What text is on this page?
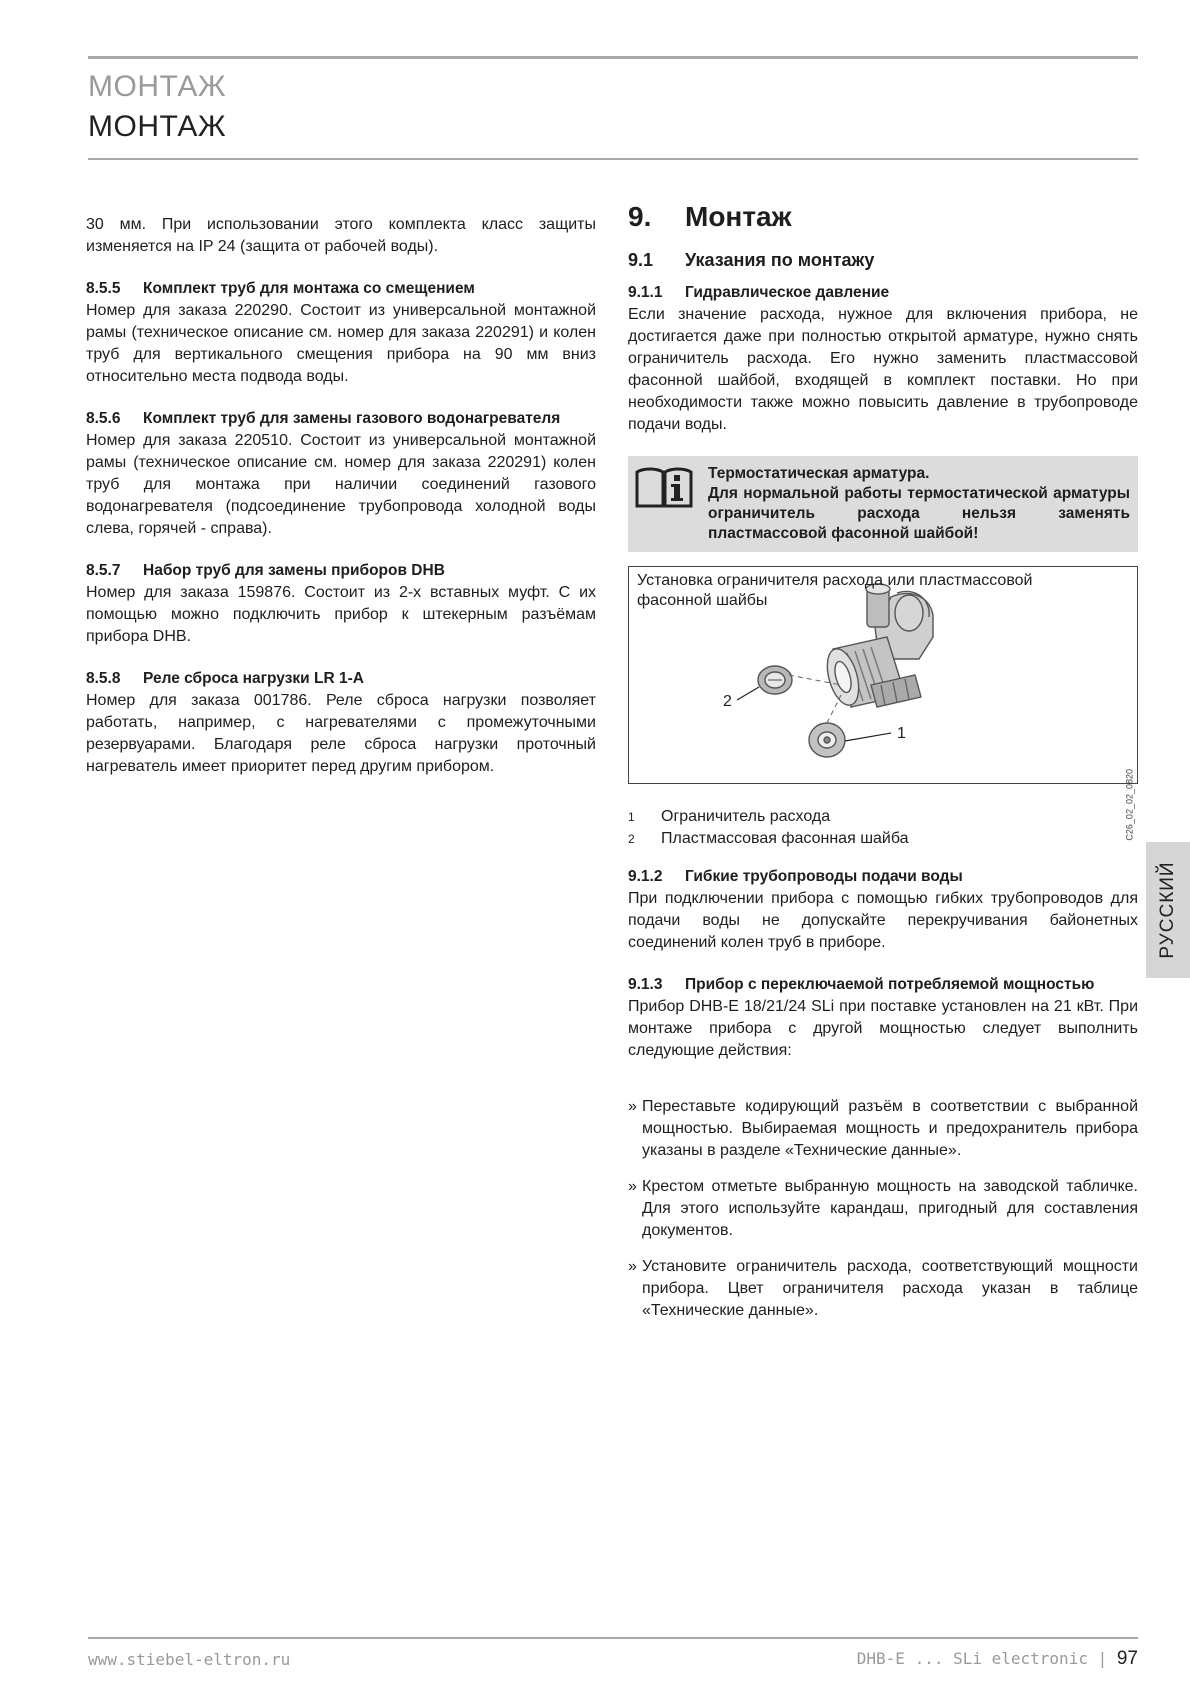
МОНТАЖ
МОНТАЖ

30 мм. При использовании этого комплекта класс защиты изменяется на IP 24 (защита от рабочей воды).

8.5.5 Комплект труб для монтажа со смещением

Номер для заказа 220290. Состоит из универсальной монтажной рамы (техническое описание см. номер для заказа 220291) и колен труб для вертикального смещения прибора на 90 мм вниз относительно места подвода воды.

8.5.6 Комплект труб для замены газового водонагревателя

Номер для заказа 220510. Состоит из универсальной монтажной рамы (техническое описание см. номер для заказа 220291) колен труб для монтажа при наличии соединений газового водонагревателя (подсоединение трубопровода холодной воды слева, горячей - справа).

8.5.7 Набор труб для замены приборов DHB

Номер для заказа 159876. Состоит из 2-х вставных муфт. С их помощью можно подключить прибор к штекерным разъёмам прибора DHB.

8.5.8 Реле сброса нагрузки LR 1-A

Номер для заказа 001786. Реле сброса нагрузки позволяет работать, например, с нагревателями с промежуточными резервуарами. Благодаря реле сброса нагрузки проточный нагреватель имеет приоритет перед другим прибором.

9. Монтаж
9.1 Указания по монтажу
9.1.1 Гидравлическое давление

Если значение расхода, нужное для включения прибора, не достигается даже при полностью открытой арматуре, нужно снять ограничитель расхода. Его нужно заменить пластмассовой фасонной шайбой, входящей в комплект поставки. Но при необходимости также можно повысить давление в трубопроводе подачи воды.

Термостатическая арматура.
Для нормальной работы термостатической арматуры ограничитель расхода нельзя заменять пластмассовой фасонной шайбой!
2
1
Установка ограничителя расхода или пластмассовой фасонной шайбы
C26_02_02_0820
1 Ограничитель расхода
2 Пластмассовая фасонная шайба
9.1.2 Гибкие трубопроводы подачи воды

При подключении прибора с помощью гибких трубопроводов для подачи воды не допускайте перекручивания байонетных соединений колен труб в приборе.

9.1.3 Прибор с переключаемой потребляемой мощностью

Прибор DHB-E 18/21/24 SLi при поставке установлен на 21 кВт. При монтаже прибора с другой мощностью следует выполнить следующие действия:

» Переставьте кодирующий разъём в соответствии с выбранной мощностью. Выбираемая мощность и предохранитель прибора указаны в разделе «Технические данные».
» Крестом отметьте выбранную мощность на заводской табличке. Для этого используйте карандаш, пригодный для составления документов.
» Установите ограничитель расхода, соответствующий мощности прибора. Цвет ограничителя расхода указан в таблице «Технические данные».
РУССКИЙ
www.stiebel-eltron.ru	DHB-E ... SLi electronic | 97
